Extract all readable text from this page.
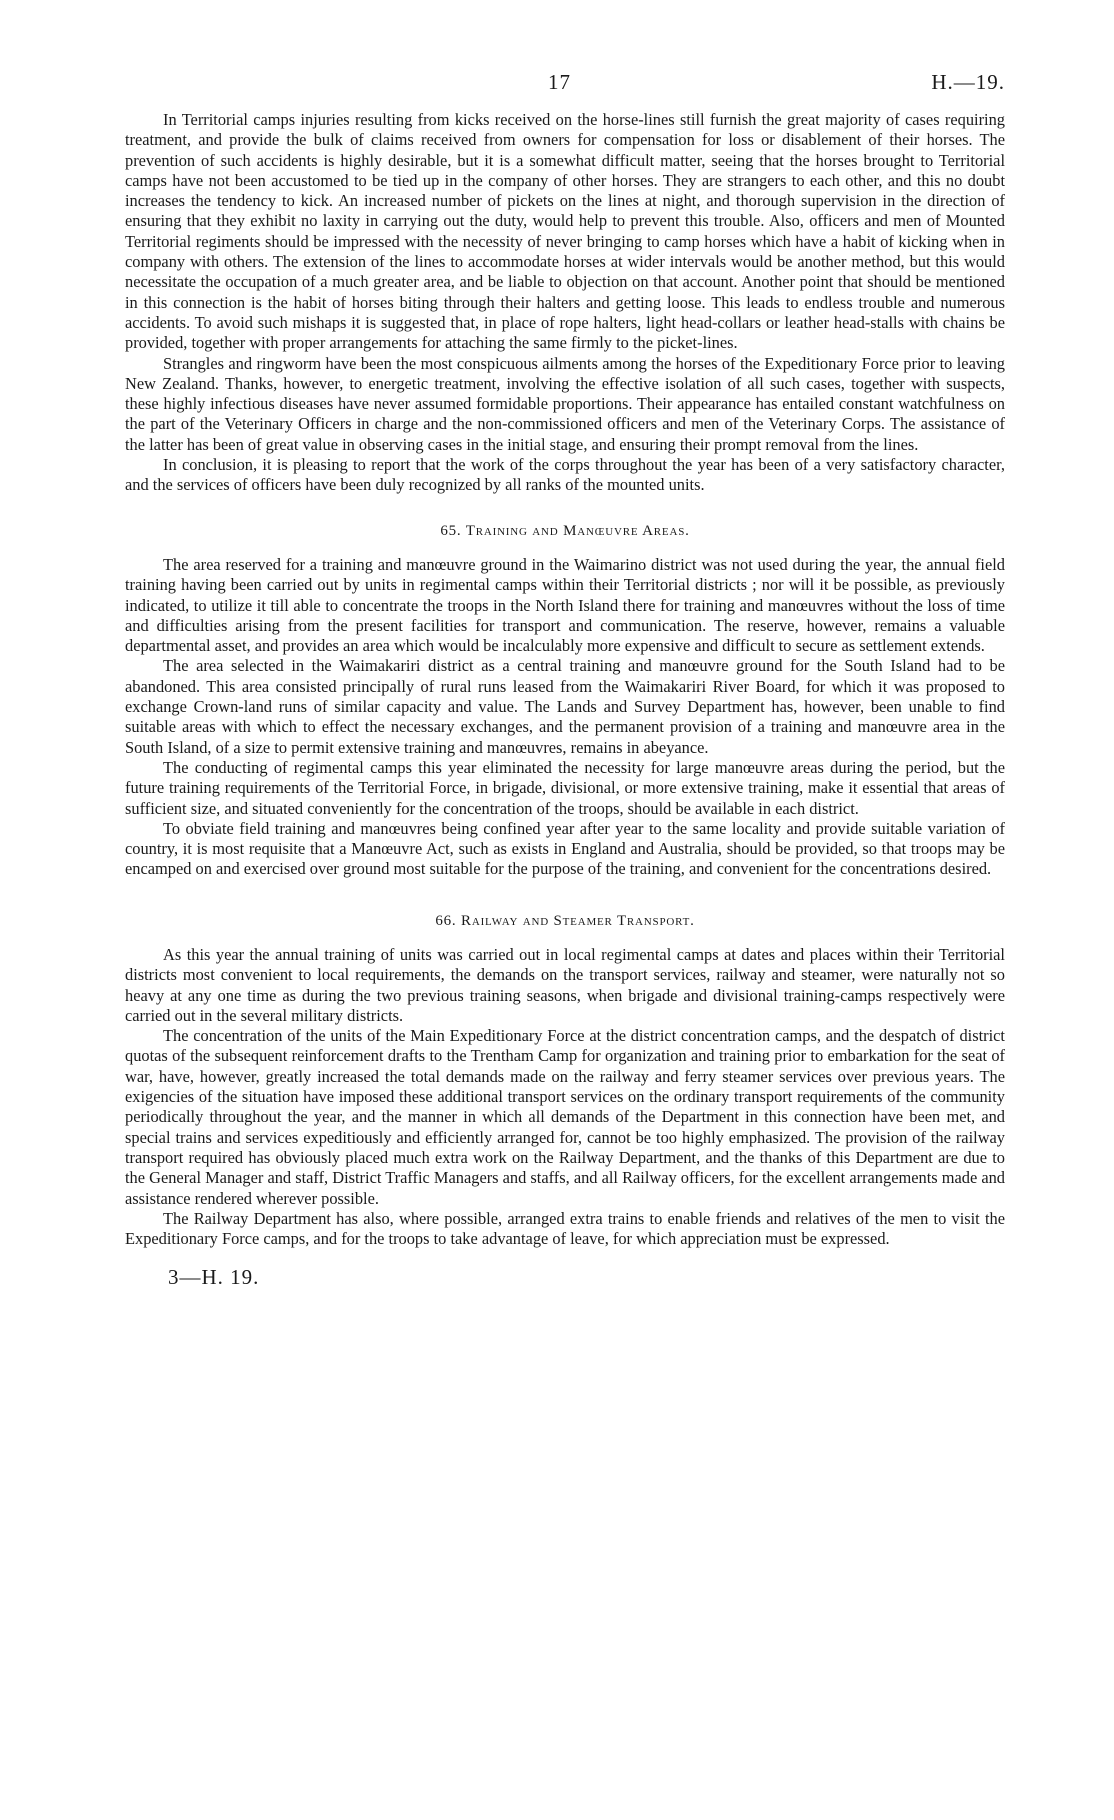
17	H.—19.

In Territorial camps injuries resulting from kicks received on the horse-lines still furnish the great majority of cases requiring treatment, and provide the bulk of claims received from owners for compensation for loss or disablement of their horses. The prevention of such accidents is highly desirable, but it is a somewhat difficult matter, seeing that the horses brought to Territorial camps have not been accustomed to be tied up in the company of other horses. They are strangers to each other, and this no doubt increases the tendency to kick. An increased number of pickets on the lines at night, and thorough supervision in the direction of ensuring that they exhibit no laxity in carrying out the duty, would help to prevent this trouble. Also, officers and men of Mounted Territorial regiments should be impressed with the necessity of never bringing to camp horses which have a habit of kicking when in company with others. The extension of the lines to accommodate horses at wider intervals would be another method, but this would necessitate the occupation of a much greater area, and be liable to objection on that account. Another point that should be mentioned in this connection is the habit of horses biting through their halters and getting loose. This leads to endless trouble and numerous accidents. To avoid such mishaps it is suggested that, in place of rope halters, light head-collars or leather head-stalls with chains be provided, together with proper arrangements for attaching the same firmly to the picket-lines.

Strangles and ringworm have been the most conspicuous ailments among the horses of the Expeditionary Force prior to leaving New Zealand. Thanks, however, to energetic treatment, involving the effective isolation of all such cases, together with suspects, these highly infectious diseases have never assumed formidable proportions. Their appearance has entailed constant watchfulness on the part of the Veterinary Officers in charge and the non-commissioned officers and men of the Veterinary Corps. The assistance of the latter has been of great value in observing cases in the initial stage, and ensuring their prompt removal from the lines.

In conclusion, it is pleasing to report that the work of the corps throughout the year has been of a very satisfactory character, and the services of officers have been duly recognized by all ranks of the mounted units.

65. Training and Manœuvre Areas.

The area reserved for a training and manœuvre ground in the Waimarino district was not used during the year, the annual field training having been carried out by units in regimental camps within their Territorial districts ; nor will it be possible, as previously indicated, to utilize it till able to concentrate the troops in the North Island there for training and manœuvres without the loss of time and difficulties arising from the present facilities for transport and communication. The reserve, however, remains a valuable departmental asset, and provides an area which would be incalculably more expensive and difficult to secure as settlement extends.

The area selected in the Waimakariri district as a central training and manœuvre ground for the South Island had to be abandoned. This area consisted principally of rural runs leased from the Waimakariri River Board, for which it was proposed to exchange Crown-land runs of similar capacity and value. The Lands and Survey Department has, however, been unable to find suitable areas with which to effect the necessary exchanges, and the permanent provision of a training and manœuvre area in the South Island, of a size to permit extensive training and manœuvres, remains in abeyance.

The conducting of regimental camps this year eliminated the necessity for large manœuvre areas during the period, but the future training requirements of the Territorial Force, in brigade, divisional, or more extensive training, make it essential that areas of sufficient size, and situated conveniently for the concentration of the troops, should be available in each district.

To obviate field training and manœuvres being confined year after year to the same locality and provide suitable variation of country, it is most requisite that a Manœuvre Act, such as exists in England and Australia, should be provided, so that troops may be encamped on and exercised over ground most suitable for the purpose of the training, and convenient for the concentrations desired.

66. Railway and Steamer Transport.

As this year the annual training of units was carried out in local regimental camps at dates and places within their Territorial districts most convenient to local requirements, the demands on the transport services, railway and steamer, were naturally not so heavy at any one time as during the two previous training seasons, when brigade and divisional training-camps respectively were carried out in the several military districts.

The concentration of the units of the Main Expeditionary Force at the district concentration camps, and the despatch of district quotas of the subsequent reinforcement drafts to the Trentham Camp for organization and training prior to embarkation for the seat of war, have, however, greatly increased the total demands made on the railway and ferry steamer services over previous years. The exigencies of the situation have imposed these additional transport services on the ordinary transport requirements of the community periodically throughout the year, and the manner in which all demands of the Department in this connection have been met, and special trains and services expeditiously and efficiently arranged for, cannot be too highly emphasized. The provision of the railway transport required has obviously placed much extra work on the Railway Department, and the thanks of this Department are due to the General Manager and staff, District Traffic Managers and staffs, and all Railway officers, for the excellent arrangements made and assistance rendered wherever possible.

The Railway Department has also, where possible, arranged extra trains to enable friends and relatives of the men to visit the Expeditionary Force camps, and for the troops to take advantage of leave, for which appreciation must be expressed.

3—H. 19.
